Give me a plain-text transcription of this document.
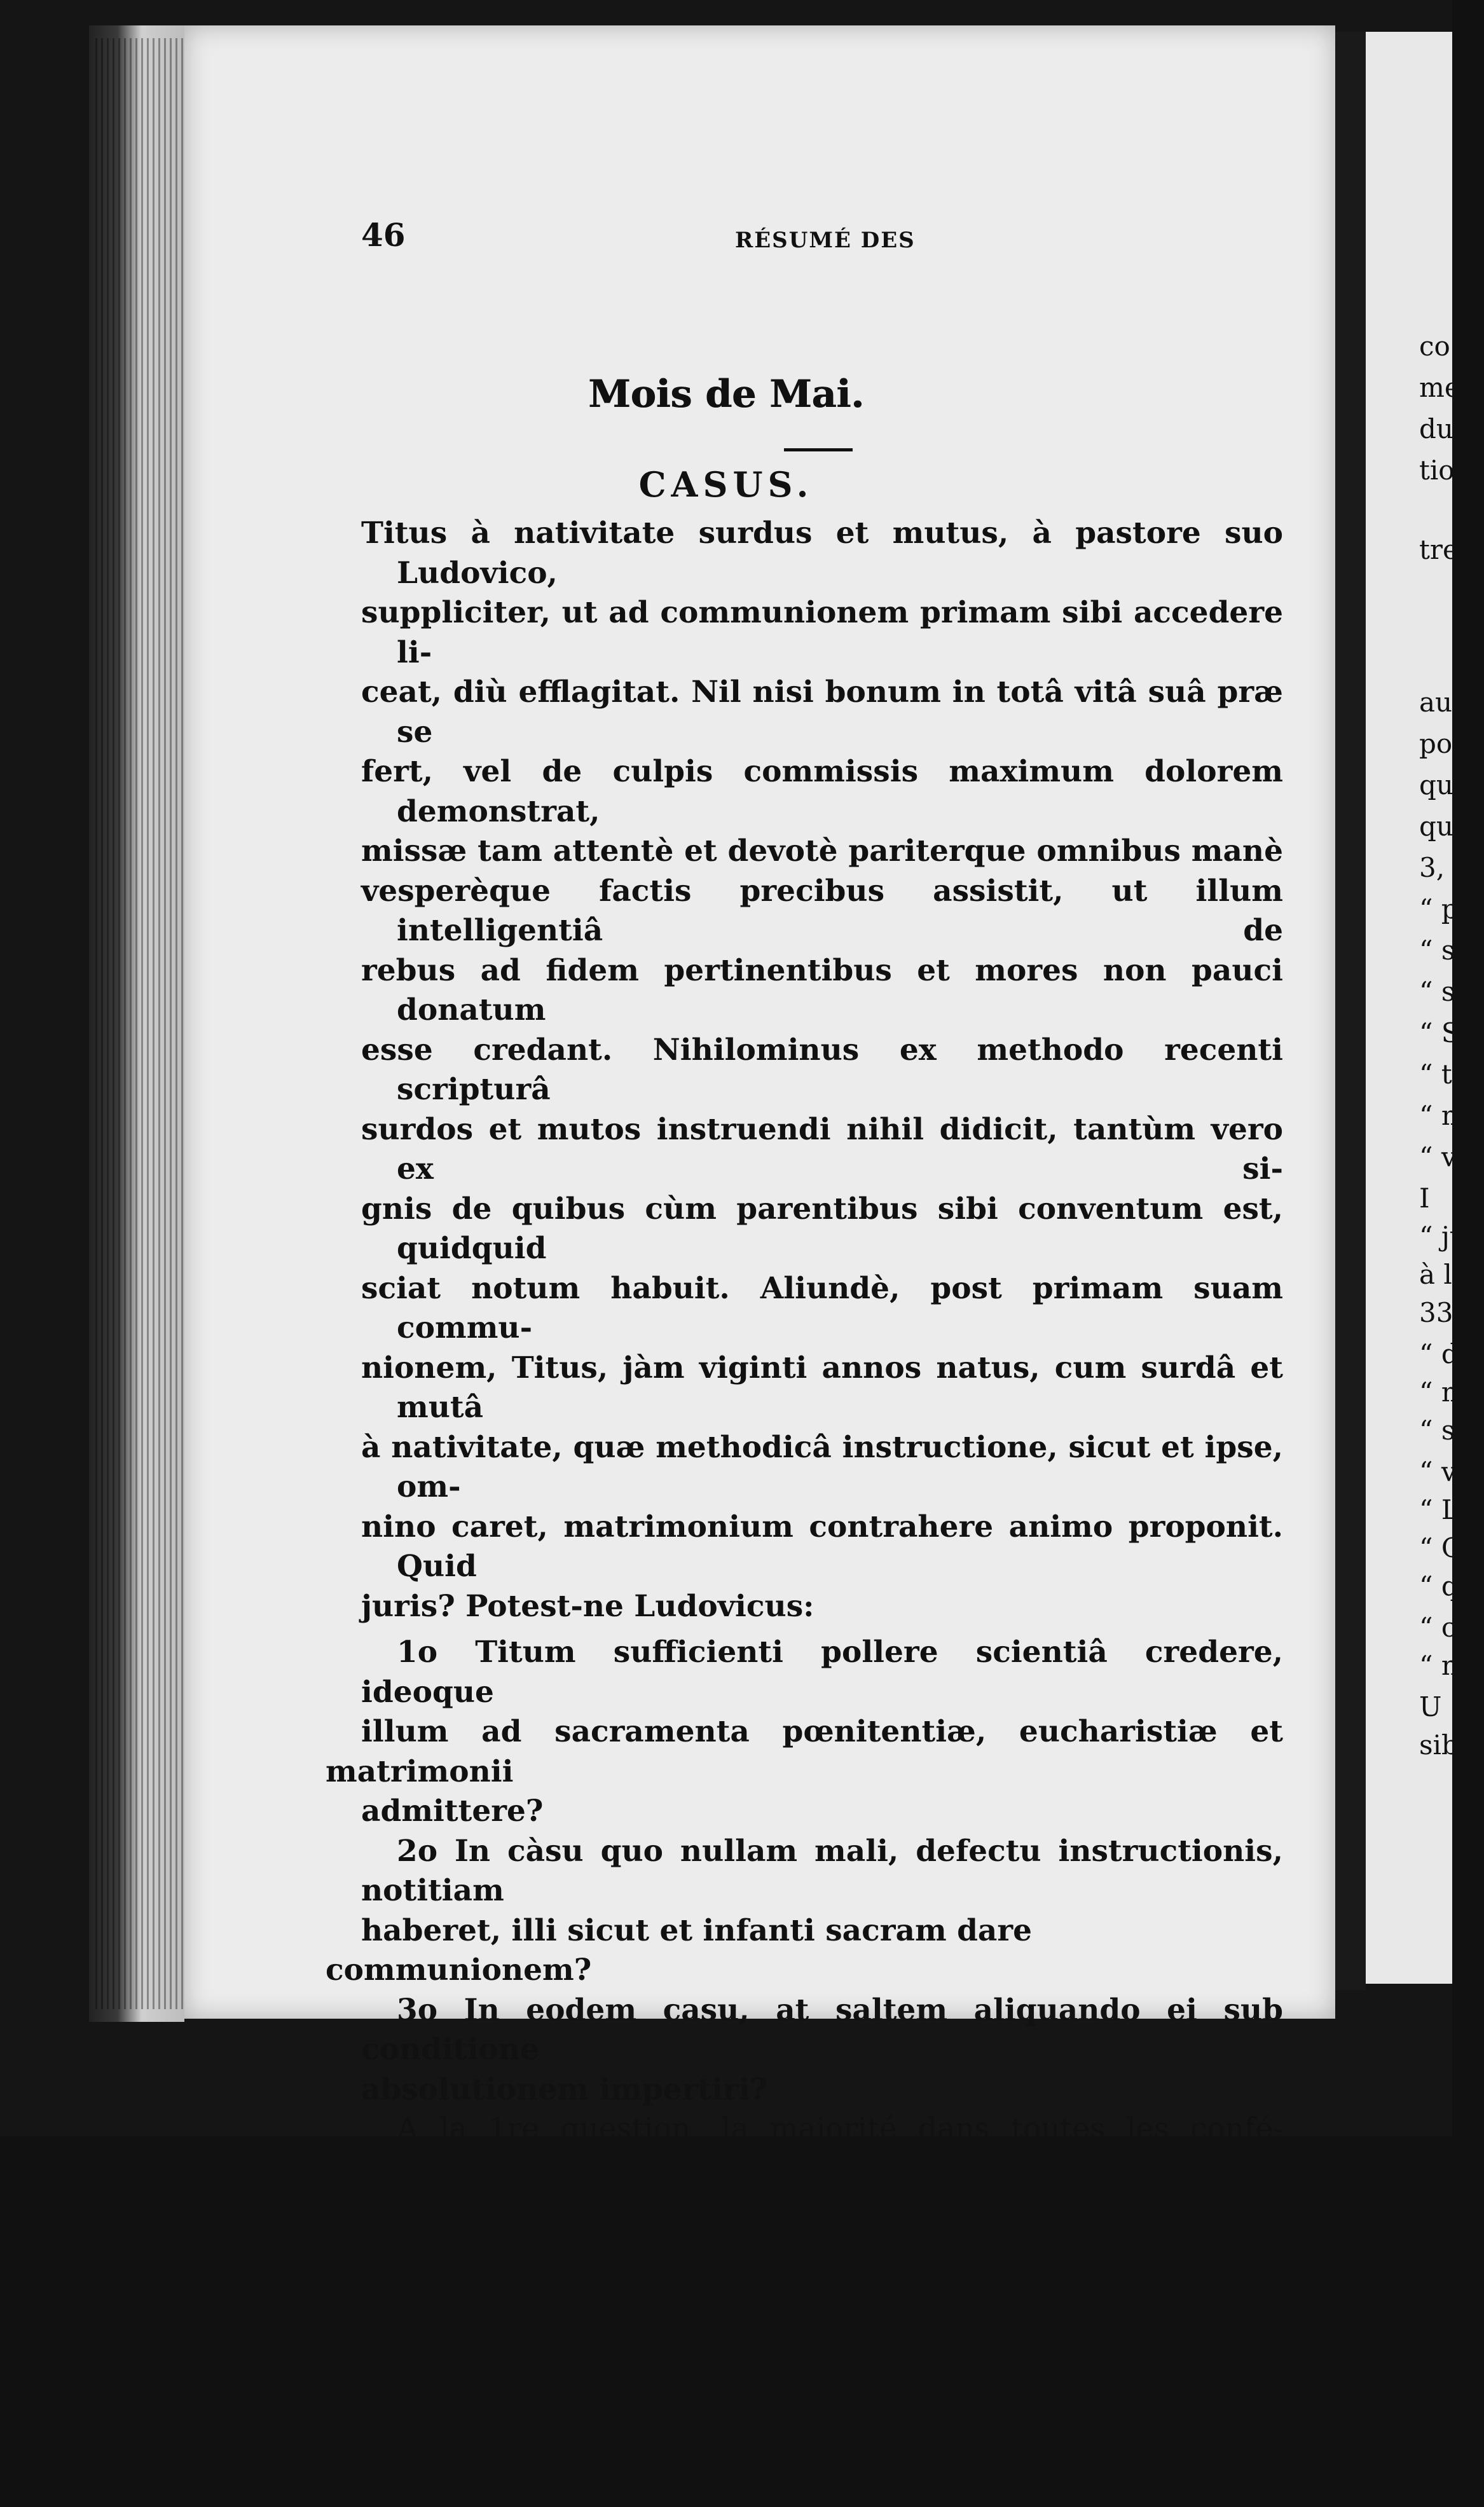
co
me
du
tio
tre
au
po
qu
qu'
3,
“ p
“ s
“ si
“ S
“ te
“ m
“ v
I
“ ju
à le
337
“ di
“ m
“ se
“ va
“ La
“ Or
“ qu
“ co
“ no
U
sibili
46	RÉSUMÉ DES
Mois de Mai.
CASUS.

Titus à nativitate surdus et mutus, à pastore suo Ludovico,
suppliciter, ut ad communionem primam sibi accedere li-
ceat, diù efflagitat. Nil nisi bonum in totâ vitâ suâ præ se
fert, vel de culpis commissis maximum dolorem demonstrat,
missæ tam attentè et devotè pariterque omnibus manè
vesperèque factis precibus assistit, ut illum intelligentiâ de
rebus ad fidem pertinentibus et mores non pauci donatum
esse credant. Nihilominus ex methodo recenti scripturâ
surdos et mutos instruendi nihil didicit, tantùm vero ex si-
gnis de quibus cùm parentibus sibi conventum est, quidquid
sciat notum habuit. Aliundè, post primam suam commu-
nionem, Titus, jàm viginti annos natus, cum surdâ et mutâ
à nativitate, quæ methodicâ instructione, sicut et ipse, om-
nino caret, matrimonium contrahere animo proponit. Quid
juris? Potest-ne Ludovicus:

1o Titum sufficienti pollere scientiâ credere, ideoque
illum ad sacramenta pœnitentiæ, eucharistiæ et matrimonii
admittere?

2o In càsu quo nullam mali, defectu instructionis, notitiam
haberet, illi sicut et infanti sacram dare communionem?

3o In eodem casu, at saltem aliquando ei sub conditione
absolutionem impertiri?

A la 1re question, la majorité dans toutes les confé-
rences, à l'exception de la conférence du 19e arrondissement
qui est d'un sentiment opposé, est d'avis que Tite peut rece-
voir le sacrement de pénitence, d'eucharistie et de mariage.

A la 2e, neuf conférences se sont prononcées pour l'affirma-
tive, et neuf pour la négative.

A la 3e, treize conférences sont d'avis qu'on peut donner
quelquefois l'absolution à Tite, sous condition.—Deux autres
